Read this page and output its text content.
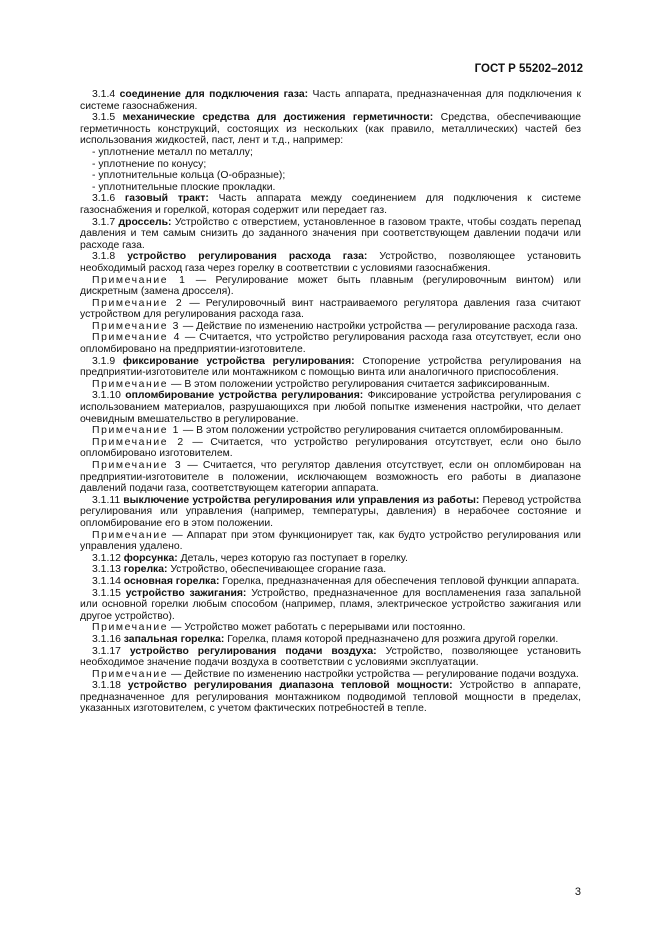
ГОСТ Р 55202–2012

3.1.4 соединение для подключения газа: Часть аппарата, предназначенная для подключения к системе газоснабжения.

3.1.5 механические средства для достижения герметичности: Средства, обеспечивающие герметичность конструкций, состоящих из нескольких (как правило, металлических) частей без использования жидкостей, паст, лент и т.д., например:

- уплотнение металл по металлу;

- уплотнение по конусу;

- уплотнительные кольца (О-образные);

- уплотнительные плоские прокладки.

3.1.6 газовый тракт: Часть аппарата между соединением для подключения к системе газоснабжения и горелкой, которая содержит или передает газ.

3.1.7 дроссель: Устройство с отверстием, установленное в газовом тракте, чтобы создать перепад давления и тем самым снизить до заданного значения при соответствующем давлении подачи или расходе газа.

3.1.8 устройство регулирования расхода газа: Устройство, позволяющее установить необходимый расход газа через горелку в соответствии с условиями газоснабжения.

Примечание 1 — Регулирование может быть плавным (регулировочным винтом) или дискретным (замена дросселя).

Примечание 2 — Регулировочный винт настраиваемого регулятора давления газа считают устройством для регулирования расхода газа.

Примечание 3 — Действие по изменению настройки устройства — регулирование расхода газа.

Примечание 4 — Считается, что устройство регулирования расхода газа отсутствует, если оно опломбировано на предприятии-изготовителе.

3.1.9 фиксирование устройства регулирования: Стопорение устройства регулирования на предприятии-изготовителе или монтажником с помощью винта или аналогичного приспособления.

Примечание — В этом положении устройство регулирования считается зафиксированным.

3.1.10 опломбирование устройства регулирования: Фиксирование устройства регулирования с использованием материалов, разрушающихся при любой попытке изменения настройки, что делает очевидным вмешательство в регулирование.

Примечание 1 — В этом положении устройство регулирования считается опломбированным.

Примечание 2 — Считается, что устройство регулирования отсутствует, если оно было опломбировано изготовителем.

Примечание 3 — Считается, что регулятор давления отсутствует, если он опломбирован на предприятии-изготовителе в положении, исключающем возможность его работы в диапазоне давлений подачи газа, соответствующем категории аппарата.

3.1.11 выключение устройства регулирования или управления из работы: Перевод устройства регулирования или управления (например, температуры, давления) в нерабочее состояние и опломбирование его в этом положении.

Примечание — Аппарат при этом функционирует так, как будто устройство регулирования или управления удалено.

3.1.12 форсунка: Деталь, через которую газ поступает в горелку.

3.1.13 горелка: Устройство, обеспечивающее сгорание газа.

3.1.14 основная горелка: Горелка, предназначенная для обеспечения тепловой функции аппарата.

3.1.15 устройство зажигания: Устройство, предназначенное для воспламенения газа запальной или основной горелки любым способом (например, пламя, электрическое устройство зажигания или другое устройство).

Примечание — Устройство может работать с перерывами или постоянно.

3.1.16 запальная горелка: Горелка, пламя которой предназначено для розжига другой горелки.

3.1.17 устройство регулирования подачи воздуха: Устройство, позволяющее установить необходимое значение подачи воздуха в соответствии с условиями эксплуатации.

Примечание — Действие по изменению настройки устройства — регулирование подачи воздуха.

3.1.18 устройство регулирования диапазона тепловой мощности: Устройство в аппарате, предназначенное для регулирования монтажником подводимой тепловой мощности в пределах, указанных изготовителем, с учетом фактических потребностей в тепле.

3
